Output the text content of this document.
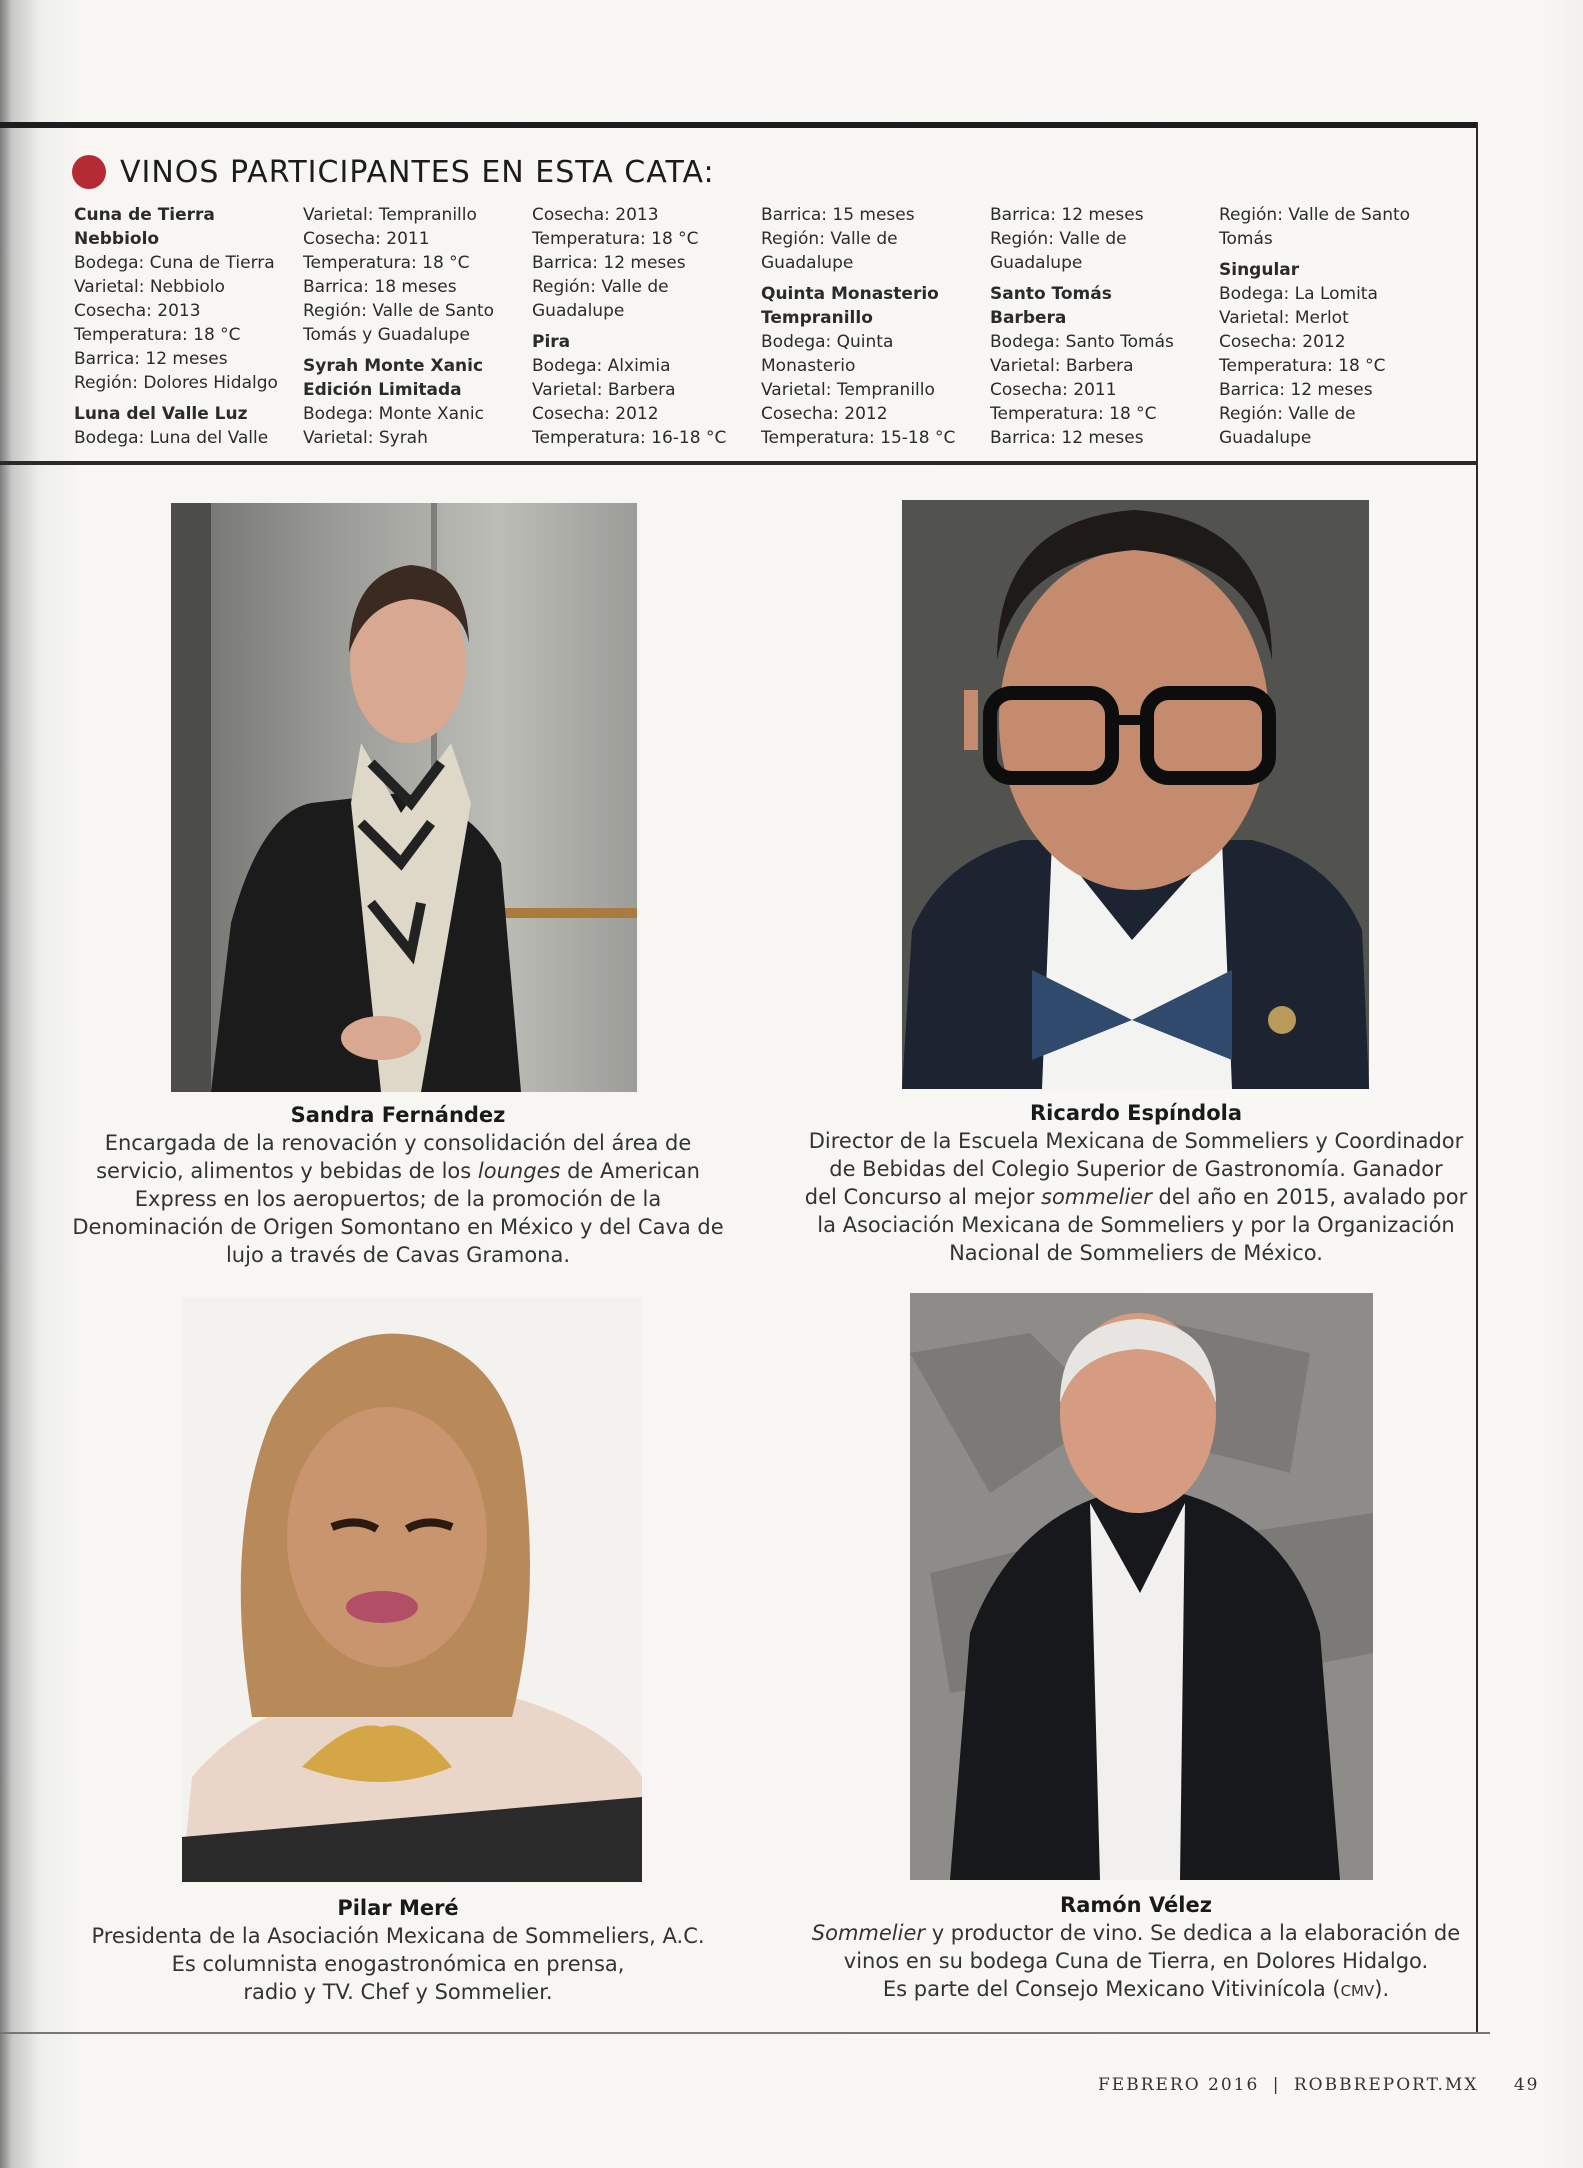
VINOS PARTICIPANTES EN ESTA CATA:
Cuna de Tierra
Nebbiolo
Bodega: Cuna de Tierra
Varietal: Nebbiolo
Cosecha: 2013
Temperatura: 18 °C
Barrica: 12 meses
Región: Dolores Hidalgo
Luna del Valle Luz
Bodega: Luna del Valle
Varietal: Tempranillo
Cosecha: 2011
Temperatura: 18 °C
Barrica: 18 meses
Región: Valle de Santo
Tomás y Guadalupe
Syrah Monte Xanic
Edición Limitada
Bodega: Monte Xanic
Varietal: Syrah
Cosecha: 2013
Temperatura: 18 °C
Barrica: 12 meses
Región: Valle de
Guadalupe
Pira
Bodega: Alximia
Varietal: Barbera
Cosecha: 2012
Temperatura: 16-18 °C
Barrica: 15 meses
Región: Valle de
Guadalupe
Quinta Monasterio
Tempranillo
Bodega: Quinta
Monasterio
Varietal: Tempranillo
Cosecha: 2012
Temperatura: 15-18 °C
Barrica: 12 meses
Región: Valle de
Guadalupe
Santo Tomás
Barbera
Bodega: Santo Tomás
Varietal: Barbera
Cosecha: 2011
Temperatura: 18 °C
Barrica: 12 meses
Región: Valle de Santo
Tomás
Singular
Bodega: La Lomita
Varietal: Merlot
Cosecha: 2012
Temperatura: 18 °C
Barrica: 12 meses
Región: Valle de
Guadalupe
Sandra Fernández
Encargada de la renovación y consolidación del área de
servicio, alimentos y bebidas de los lounges de American
Express en los aeropuertos; de la promoción de la
Denominación de Origen Somontano en México y del Cava de
lujo a través de Cavas Gramona.
Ricardo Espíndola
Director de la Escuela Mexicana de Sommeliers y Coordinador
de Bebidas del Colegio Superior de Gastronomía. Ganador
del Concurso al mejor sommelier del año en 2015, avalado por
la Asociación Mexicana de Sommeliers y por la Organización
Nacional de Sommeliers de México.
Pilar Meré
Presidenta de la Asociación Mexicana de Sommeliers, A.C.
Es columnista enogastronómica en prensa,
radio y TV. Chef y Sommelier.
Ramón Vélez
Sommelier y productor de vino. Se dedica a la elaboración de
vinos en su bodega Cuna de Tierra, en Dolores Hidalgo.
Es parte del Consejo Mexicano Vitivinícola (cmv).
FEBRERO 2016 | ROBBREPORT.MX 49
